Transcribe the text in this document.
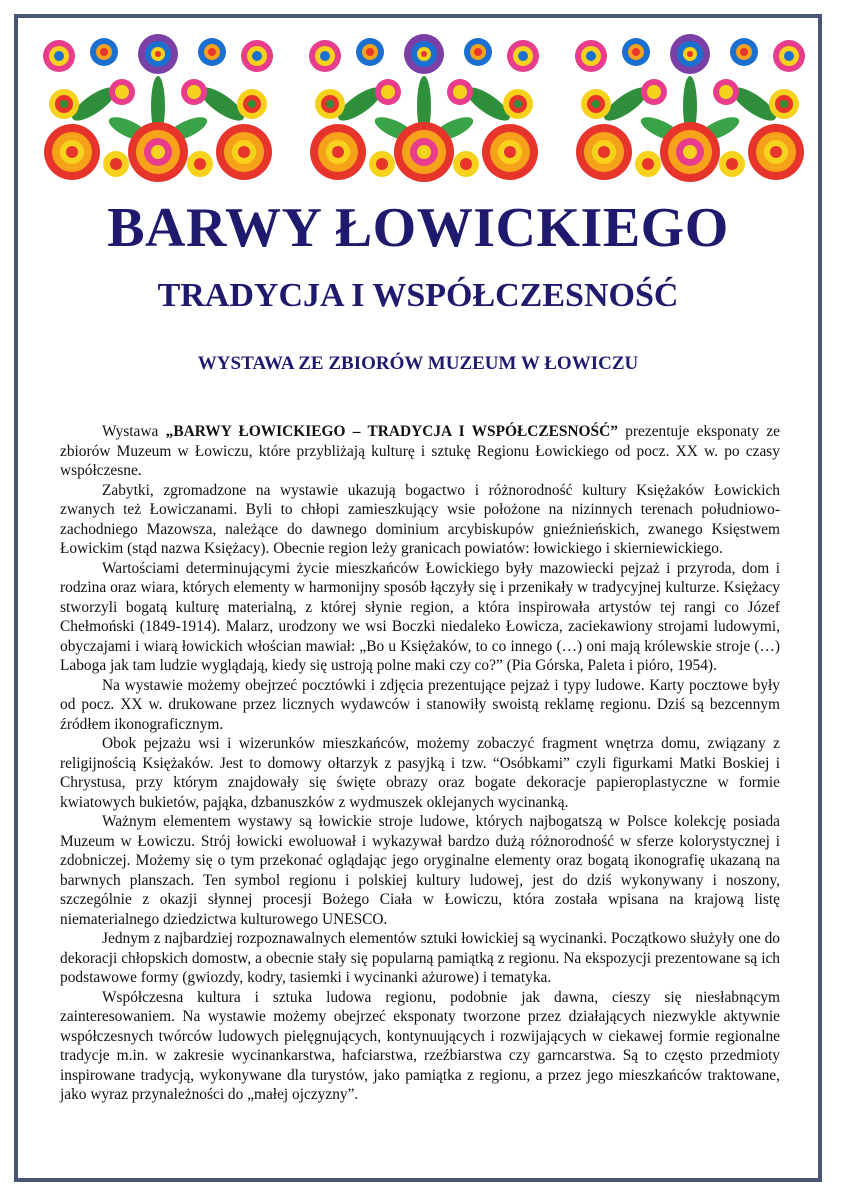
BARWY ŁOWICKIEGO
TRADYCJA I WSPÓŁCZESNOŚĆ
WYSTAWA ZE ZBIORÓW MUZEUM W ŁOWICZU

Wystawa „BARWY ŁOWICKIEGO – TRADYCJA I WSPÓŁCZESNOŚĆ” prezentuje eksponaty ze zbiorów Muzeum w Łowiczu, które przybliżają kulturę i sztukę Regionu Łowickiego od pocz. XX w. po czasy współczesne.

Zabytki, zgromadzone na wystawie ukazują bogactwo i różnorodność kultury Księżaków Łowickich zwanych też Łowiczanami. Byli to chłopi zamieszkujący wsie położone na nizinnych terenach południowo-zachodniego Mazowsza, należące do dawnego dominium arcybiskupów gnieźnieńskich, zwanego Księstwem Łowickim (stąd nazwa Księżacy). Obecnie region leży granicach powiatów: łowickiego i skierniewickiego.

Wartościami determinującymi życie mieszkańców Łowickiego były mazowiecki pejzaż i przyroda, dom i rodzina oraz wiara, których elementy w harmonijny sposób łączyły się i przenikały w tradycyjnej kulturze. Księżacy stworzyli bogatą kulturę materialną, z której słynie region, a która inspirowała artystów tej rangi co Józef Chełmoński (1849-1914). Malarz, urodzony we wsi Boczki niedaleko Łowicza, zaciekawiony strojami ludowymi, obyczajami i wiarą łowickich włościan mawiał: „Bo u Księżaków, to co innego (…) oni mają królewskie stroje (…) Laboga jak tam ludzie wyglądają, kiedy się ustroją polne maki czy co?” (Pia Górska, Paleta i pióro, 1954).

Na wystawie możemy obejrzeć pocztówki i zdjęcia prezentujące pejzaż i typy ludowe. Karty pocztowe były od pocz. XX w. drukowane przez licznych wydawców i stanowiły swoistą reklamę regionu. Dziś są bezcennym źródłem ikonograficznym.

Obok pejzażu wsi i wizerunków mieszkańców, możemy zobaczyć fragment wnętrza domu, związany z religijnością Księżaków. Jest to domowy ołtarzyk z pasyjką i tzw. “Osóbkami” czyli figurkami Matki Boskiej i Chrystusa, przy którym znajdowały się święte obrazy oraz bogate dekoracje papieroplastyczne w formie kwiatowych bukietów, pająka, dzbanuszków z wydmuszek oklejanych wycinanką.

Ważnym elementem wystawy są łowickie stroje ludowe, których najbogatszą w Polsce kolekcję posiada Muzeum w Łowiczu. Strój łowicki ewoluował i wykazywał bardzo dużą różnorodność w sferze kolorystycznej i zdobniczej. Możemy się o tym przekonać oglądając jego oryginalne elementy oraz bogatą ikonografię ukazaną na barwnych planszach. Ten symbol regionu i polskiej kultury ludowej, jest do dziś wykonywany i noszony, szczególnie z okazji słynnej procesji Bożego Ciała w Łowiczu, która została wpisana na krajową listę niematerialnego dziedzictwa kulturowego UNESCO.

Jednym z najbardziej rozpoznawalnych elementów sztuki łowickiej są wycinanki. Początkowo służyły one do dekoracji chłopskich domostw, a obecnie stały się popularną pamiątką z regionu. Na ekspozycji prezentowane są ich podstawowe formy (gwiozdy, kodry, tasiemki i wycinanki ażurowe) i tematyka.

Współczesna kultura i sztuka ludowa regionu, podobnie jak dawna, cieszy się niesłabnącym zainteresowaniem. Na wystawie możemy obejrzeć eksponaty tworzone przez działających niezwykle aktywnie współczesnych twórców ludowych pielęgnujących, kontynuujących i rozwijających w ciekawej formie regionalne tradycje m.in. w zakresie wycinankarstwa, hafciarstwa, rzeźbiarstwa czy garncarstwa. Są to często przedmioty inspirowane tradycją, wykonywane dla turystów, jako pamiątka z regionu, a przez jego mieszkańców traktowane, jako wyraz przynależności do „małej ojczyzny”.
